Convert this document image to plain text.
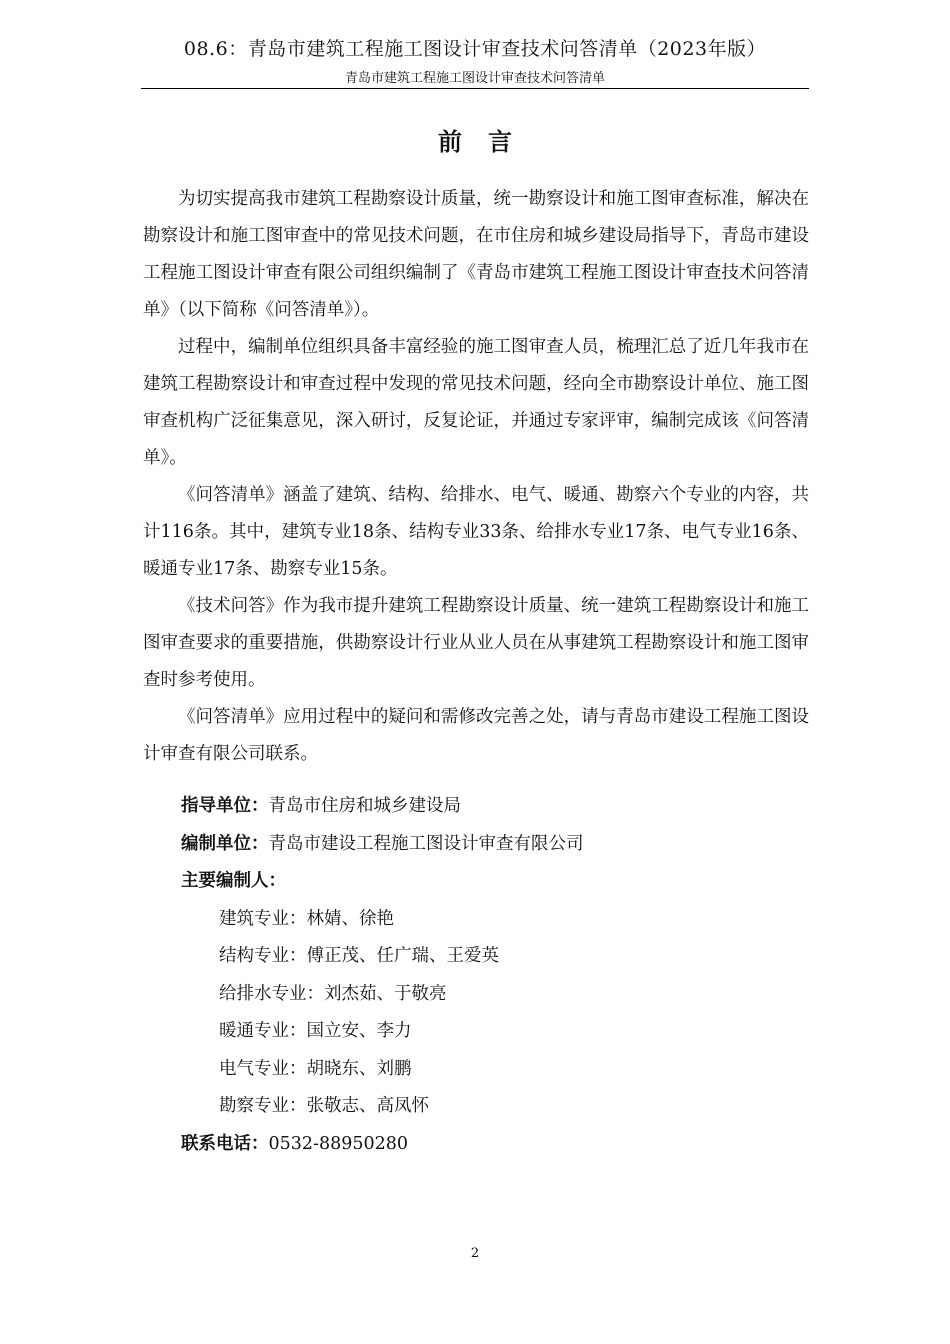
08.6：青岛市建筑工程施工图设计审查技术问答清单（2023年版）
青岛市建筑工程施工图设计审查技术问答清单
前言

为切实提高我市建筑工程勘察设计质量，统一勘察设计和施工图审查标准，解决在勘察设计和施工图审查中的常见技术问题，在市住房和城乡建设局指导下，青岛市建设工程施工图设计审查有限公司组织编制了《青岛市建筑工程施工图设计审查技术问答清单》（以下简称《问答清单》）。

过程中，编制单位组织具备丰富经验的施工图审查人员，梳理汇总了近几年我市在建筑工程勘察设计和审查过程中发现的常见技术问题，经向全市勘察设计单位、施工图审查机构广泛征集意见，深入研讨，反复论证，并通过专家评审，编制完成该《问答清单》。

《问答清单》涵盖了建筑、结构、给排水、电气、暖通、勘察六个专业的内容，共计116条。其中，建筑专业18条、结构专业33条、给排水专业17条、电气专业16条、暖通专业17条、勘察专业15条。

《技术问答》作为我市提升建筑工程勘察设计质量、统一建筑工程勘察设计和施工图审查要求的重要措施，供勘察设计行业从业人员在从事建筑工程勘察设计和施工图审查时参考使用。

《问答清单》应用过程中的疑问和需修改完善之处，请与青岛市建设工程施工图设计审查有限公司联系。

指导单位：青岛市住房和城乡建设局
编制单位：青岛市建设工程施工图设计审查有限公司
主要编制人：
建筑专业：林婧、徐艳
结构专业：傅正茂、任广瑞、王爱英
给排水专业：刘杰茹、于敬亮
暖通专业：国立安、李力
电气专业：胡晓东、刘鹏
勘察专业：张敬志、高凤怀
联系电话：0532-88950280
2
